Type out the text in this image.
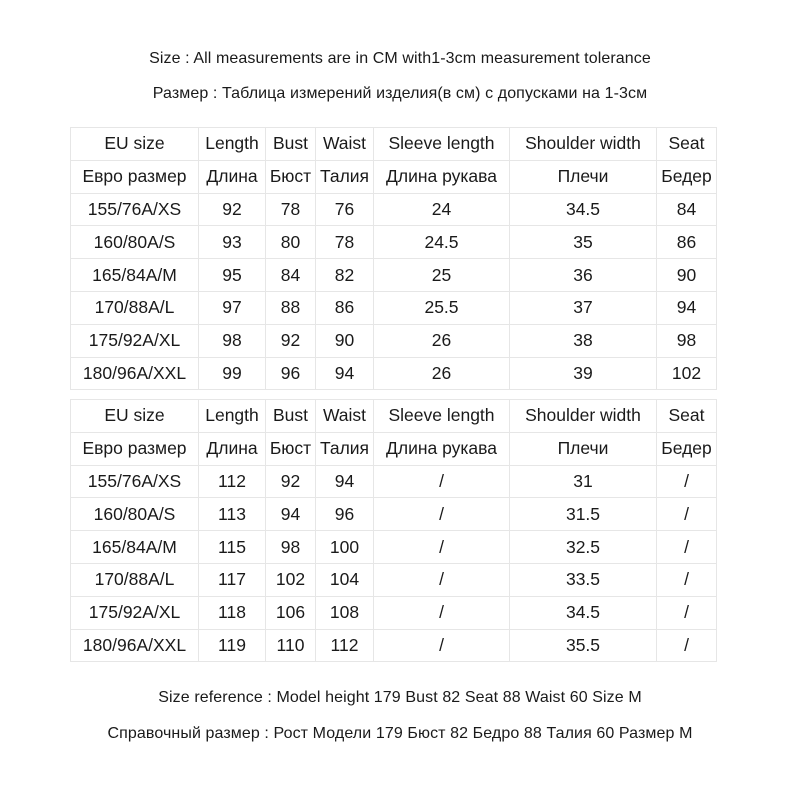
Size : All measurements are in CM with1-3cm measurement tolerance
Размер : Таблица измерений изделия(в см) с допусками на 1-3см
EU size	Length	Bust	Waist	Sleeve length	Shoulder width	Seat
Евро размер	Длина	Бюст	Талия	Длина рукава	Плечи	Бедер
155/76A/XS	92	78	76	24	34.5	84
160/80A/S	93	80	78	24.5	35	86
165/84A/M	95	84	82	25	36	90
170/88A/L	97	88	86	25.5	37	94
175/92A/XL	98	92	90	26	38	98
180/96A/XXL	99	96	94	26	39	102
EU size	Length	Bust	Waist	Sleeve length	Shoulder width	Seat
Евро размер	Длина	Бюст	Талия	Длина рукава	Плечи	Бедер
155/76A/XS	112	92	94	/	31	/
160/80A/S	113	94	96	/	31.5	/
165/84A/M	115	98	100	/	32.5	/
170/88A/L	117	102	104	/	33.5	/
175/92A/XL	118	106	108	/	34.5	/
180/96A/XXL	119	110	112	/	35.5	/
Size reference : Model height 179 Bust 82 Seat 88 Waist 60 Size M
Справочный размер : Рост Модели 179 Бюст 82 Бедро 88 Талия 60 Размер M
